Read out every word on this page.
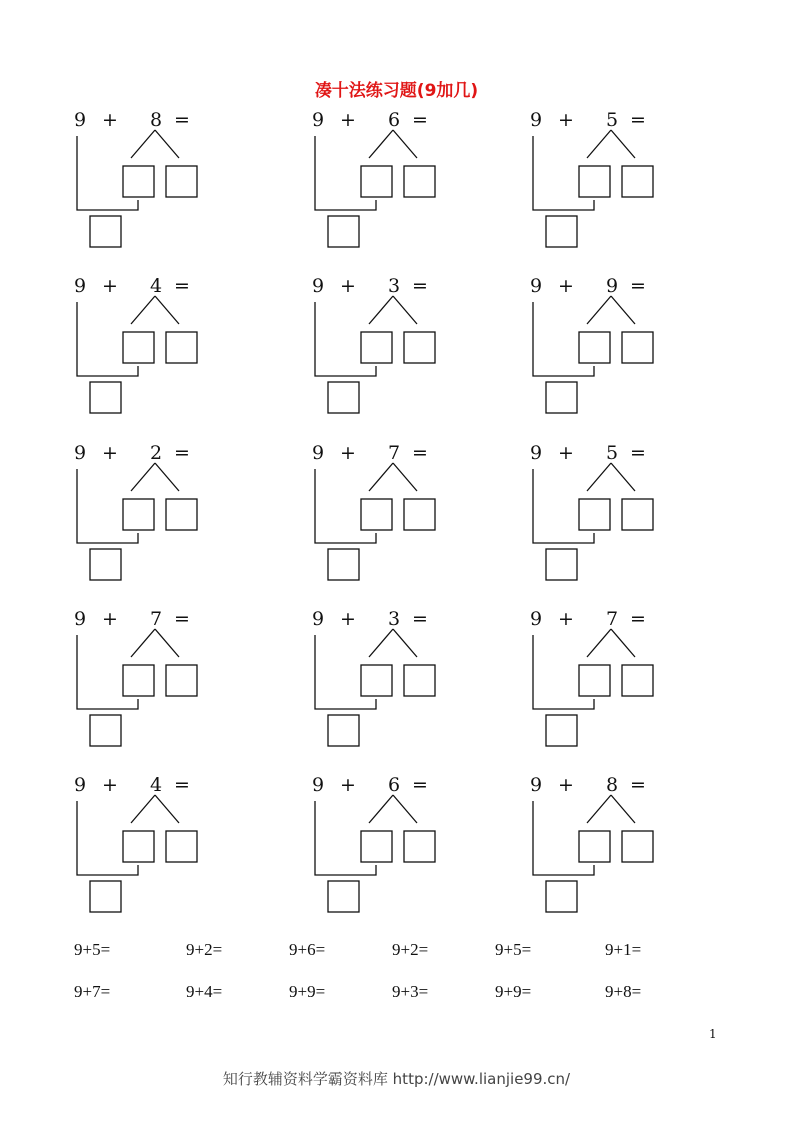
凑十法练习题(9加几)
9 + 8 =	9 + 6 =	9 + 5 =
9 + 4 =	9 + 3 =	9 + 9 =
9 + 2 =	9 + 7 =	9 + 5 =
9 + 7 =	9 + 3 =	9 + 7 =
9 + 4 =	9 + 6 =	9 + 8 =
9+5=	9+2=	9+6=	9+2=	9+5=	9+1=
9+7=	9+4=	9+9=	9+3=	9+9=	9+8=
1
知行教辅资料学霸资料库 http://www.lianjie99.cn/
